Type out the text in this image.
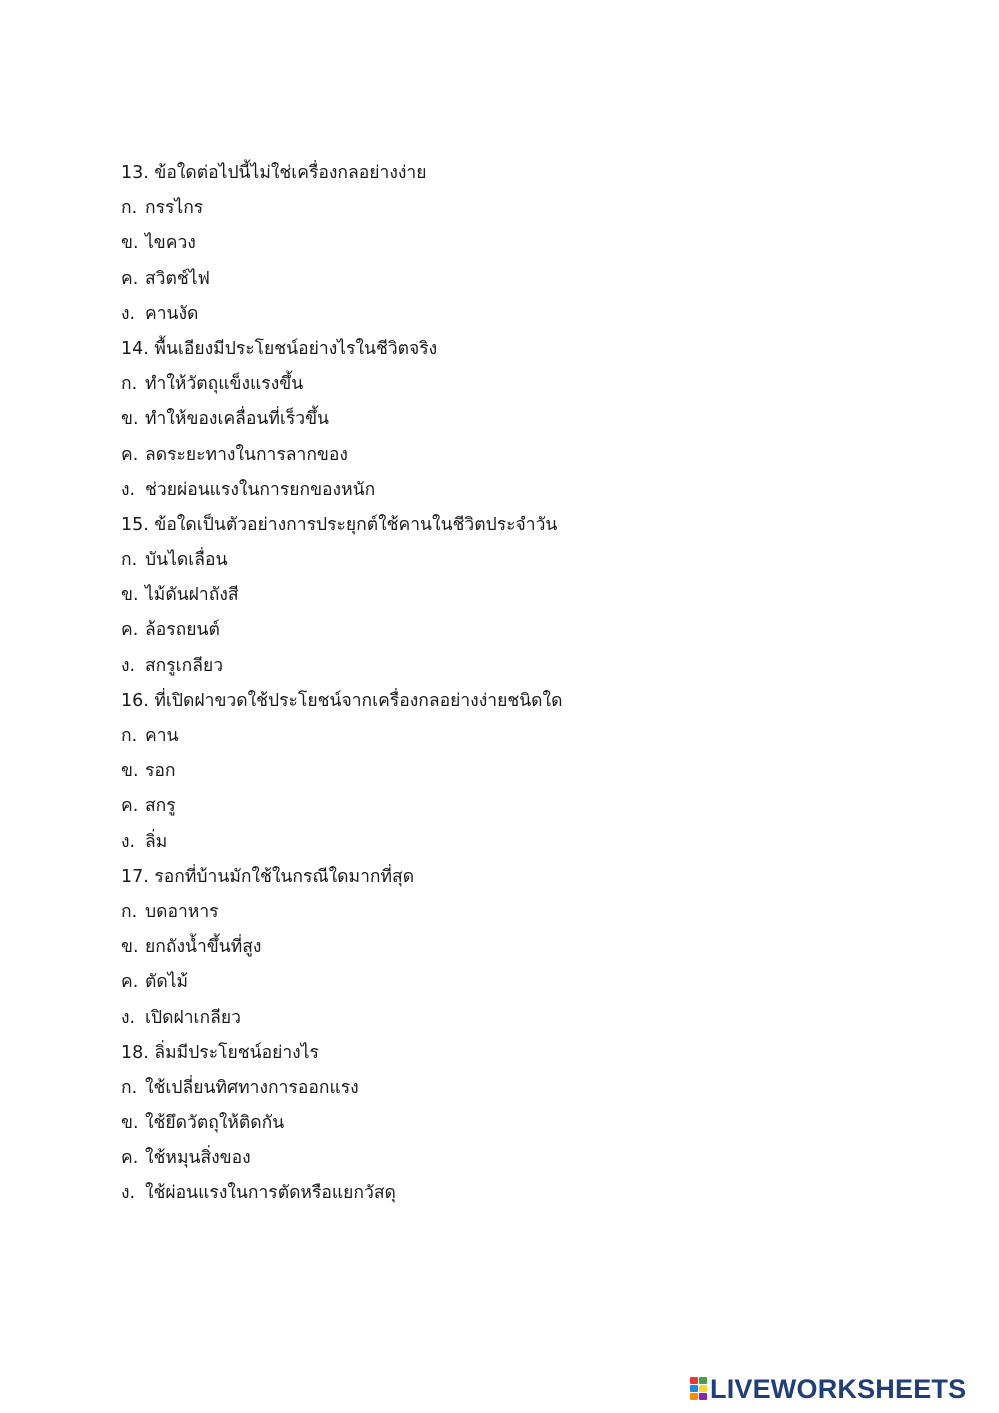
13. ข้อใดต่อไปนี้ไม่ใช่เครื่องกลอย่างง่าย
ก. กรรไกร
ข. ไขควง
ค. สวิตช์ไฟ
ง. คานงัด
14. พื้นเอียงมีประโยชน์อย่างไรในชีวิตจริง
ก. ทำให้วัตถุแข็งแรงขึ้น
ข. ทำให้ของเคลื่อนที่เร็วขึ้น
ค. ลดระยะทางในการลากของ
ง. ช่วยผ่อนแรงในการยกของหนัก
15. ข้อใดเป็นตัวอย่างการประยุกต์ใช้คานในชีวิตประจำวัน
ก. บันไดเลื่อน
ข. ไม้ดันฝาถังสี
ค. ล้อรถยนต์
ง. สกรูเกลียว
16. ที่เปิดฝาขวดใช้ประโยชน์จากเครื่องกลอย่างง่ายชนิดใด
ก. คาน
ข. รอก
ค. สกรู
ง. ลิ่ม
17. รอกที่บ้านมักใช้ในกรณีใดมากที่สุด
ก. บดอาหาร
ข. ยกถังน้ำขึ้นที่สูง
ค. ตัดไม้
ง. เปิดฝาเกลียว
18. ลิ่มมีประโยชน์อย่างไร
ก. ใช้เปลี่ยนทิศทางการออกแรง
ข. ใช้ยึดวัตถุให้ติดกัน
ค. ใช้หมุนสิ่งของ
ง. ใช้ผ่อนแรงในการตัดหรือแยกวัสดุ
LIVEWORKSHEETS
